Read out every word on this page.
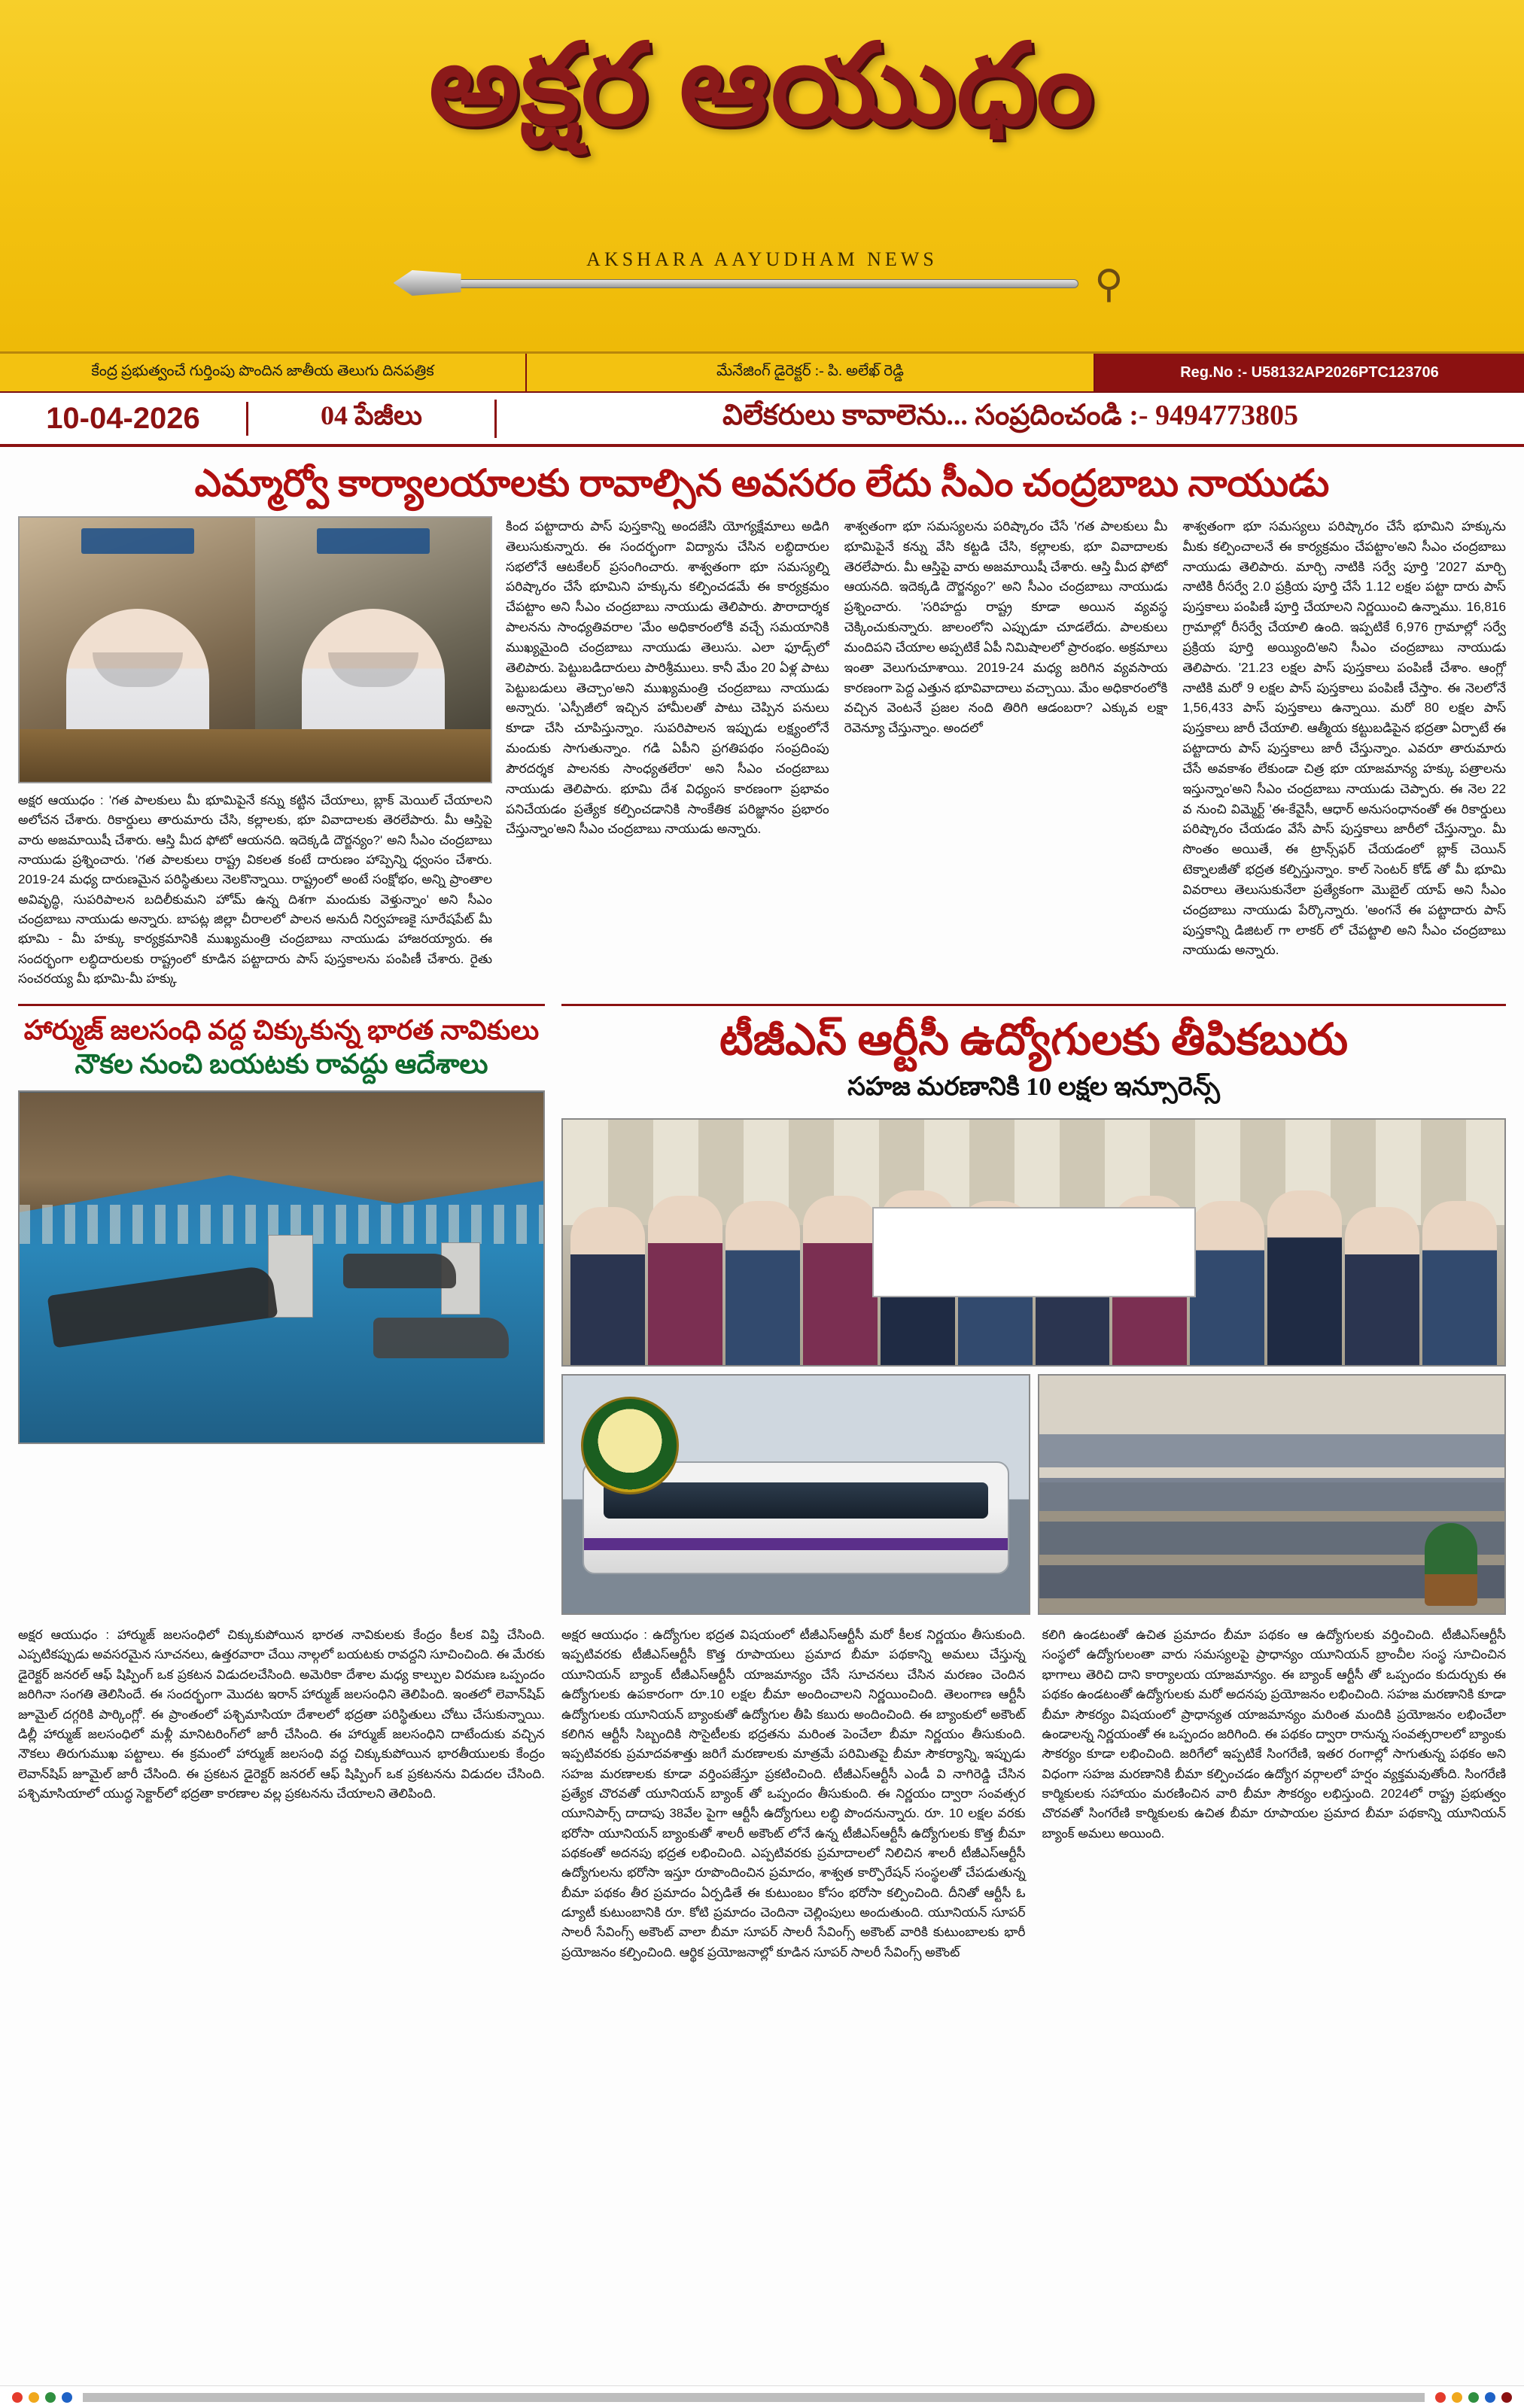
అక్షర ఆయుధం
⚲
AKSHARA AAYUDHAM NEWS
కేంద్ర ప్రభుత్వంచే గుర్తింపు పొందిన జాతీయ తెలుగు దినపత్రిక	మేనేజింగ్ డైరెక్టర్ :- పి. అలేఖ్ రెడ్డి	Reg.No :- U58132AP2026PTC123706
10-04-2026	04 పేజీలు	విలేకరులు కావాలెను... సంప్రదించండి :- 9494773805
ఎమ్మార్వో కార్యాలయాలకు రావాల్సిన అవసరం లేదు సీఎం చంద్రబాబు నాయుడు
అక్షర ఆయుధం : 'గత పాలకులు మీ భూమిపైనే కన్ను కట్టిన చేయాలు, బ్లాక్ మెయిల్ చేయాలని అలోచన చేశారు. రికార్డులు తారుమారు చేసి, కల్లాలకు, భూ వివాదాలకు తెరలేపారు. మీ ఆస్తిపై వారు అజమాయిషీ చేశారు. ఆస్తి మీద ఫోటో ఆయనది. ఇదెక్కడి దౌర్జన్యం?' అని సీఎం చంద్రబాబు నాయుడు ప్రశ్నించారు. 'గత పాలకులు రాష్ట్ర వికలత కంటే దారుణం హాప్పెన్ని ధ్వంసం చేశారు. 2019-24 మధ్య దారుణమైన పరిస్థితులు నెలకొన్నాయి. రాష్ట్రంలో అంటే సంక్షోభం, అన్ని ప్రాంతాల అవివృద్ధి, సుపరిపాలన బదిలీకుమని హోమ్ ఉన్న దిశగా మందుకు వెళ్తున్నాం' అని సీఎం చంద్రబాబు నాయుడు అన్నారు. బాపట్ల జిల్లా చీరాలలో పాలన అనుదీ నిర్వహణకై సూరేషపేట్ మీ భూమి - మీ హక్కు కార్యక్రమానికి ముఖ్యమంత్రి చంద్రబాబు నాయుడు హాజరయ్యారు. ఈ సందర్భంగా లబ్ధిదారులకు రాష్ట్రంలో కూడిన పట్టాదారు పాస్ పుస్తకాలను పంపిణీ చేశారు. రైతు సంచరయ్య మీ భూమి-మీ హక్కు
కింద పట్టాదారు పాస్ పుస్తకాన్ని అందజేసి యోగ్యక్షేమాలు అడిగి తెలుసుకున్నారు. ఈ సందర్భంగా విద్యాను చేసిన లబ్ధిదారుల సభలోనే ఆటకేలర్ ప్రసంగించారు. శాశ్వతంగా భూ సమస్యల్ని పరిష్కారం చేసే భూమిని హక్కును కల్పించడమే ఈ కార్యక్రమం చేపట్టాం అని సీఎం చంద్రబాబు నాయుడు తెలిపారు. పౌరాదార్శక పాలనను సాంధ్యతివరాల 'మేం అధికారంలోకి వచ్చే సమయానికి ముఖ్యమైంది చంద్రబాబు నాయుడు తెలుసు. ఎలా ఫూడ్స్‌లో తెలిపారు. పెట్టుబడిదారులు పారిశ్రీములు. కానీ మేం 20 ఏళ్ల పాటు పెట్టుబడులు తెచ్చాం'అని ముఖ్యమంత్రి చంద్రబాబు నాయుడు అన్నారు. 'ఎస్పీజీలో ఇచ్చిన హామీలతో పాటు చెప్పిన పనులు కూడా చేసి చూపిస్తున్నాం. సుపరిపాలన ఇప్పుడు లక్ష్యంలోనే మందుకు సాగుతున్నాం. గడి ఏపీని ప్రగతిపథం సంప్రదింపు పౌరదర్శక పాలనకు సాంధ్యతలేరా' అని సీఎం చంద్రబాబు నాయుడు తెలిపారు. భూమి దేశ విధ్యంస కారణంగా ప్రభావం పనిచేయడం ప్రత్యేక కల్పించడానికి సాంకేతిక పరిజ్ఞానం ప్రభారం చేస్తున్నాం'అని సీఎం చంద్రబాబు నాయుడు అన్నారు.
శాశ్వతంగా భూ సమస్యలను పరిష్కారం చేసే 'గత పాలకులు మీ భూమిపైనే కన్ను వేసి కట్టడి చేసి, కల్లాలకు, భూ వివాదాలకు తెరలేపారు. మీ ఆస్తిపై వారు అజమాయిషీ చేశారు. ఆస్తి మీద ఫోటో ఆయనది. ఇదెక్కడి దౌర్జన్యం?' అని సీఎం చంద్రబాబు నాయుడు ప్రశ్నించారు. 'సరిహద్దు రాష్ట్ర కూడా అయిన వ్యవస్థ చెక్కించుకున్నారు. జాలంలోని ఎప్పుడూ చూడలేదు. పాలకులు మందిపని చేయాల అప్పటికే ఏపీ నిమిషాలలో ప్రారంభం. అక్రమాలు ఇంతా వెలుగుచూశాయి. 2019-24 మధ్య జరిగిన వ్యవసాయ కారణంగా పెద్ద ఎత్తున భూవివాదాలు వచ్చాయి. మేం అధికారంలోకి వచ్చిన వెంటనే ప్రజల నంది తిరిగి ఆడంబరా? ఎక్కువ లక్షా రెవెన్యూ చేస్తున్నాం. అందలో
శాశ్వతంగా భూ సమస్యలు పరిష్కారం చేసే భూమిని హక్కును మీకు కల్పించాలనే ఈ కార్యక్రమం చేపట్టాం'అని సీఎం చంద్రబాబు నాయుడు తెలిపారు. మార్చి నాటికి సర్వే పూర్తి '2027 మార్చి నాటికి రీసర్వే 2.0 ప్రక్రియ పూర్తి చేసే 1.12 లక్షల పట్టా దారు పాస్ పుస్తకాలు పంపిణీ పూర్తి చేయాలని నిర్ణయించి ఉన్నాము. 16,816 గ్రామాల్లో రీసర్వే చేయాలి ఉంది. ఇప్పటికే 6,976 గ్రామాల్లో సర్వే ప్రక్రియ పూర్తి అయ్యింది'అని సీఎం చంద్రబాబు నాయుడు తెలిపారు. '21.23 లక్షల పాస్ పుస్తకాలు పంపిణీ చేశాం. ఆంగ్లో నాటికి మరో 9 లక్షల పాస్ పుస్తకాలు పంపిణీ చేస్తాం. ఈ నెలలోనే 1,56,433 పాస్ పుస్తకాలు ఉన్నాయి. మరో 80 లక్షల పాస్ పుస్తకాలు జారీ చేయాలి. ఆత్మీయ కట్టుబడిపైన భద్రతా ఏర్పాటే ఈ పట్టాదారు పాస్ పుస్తకాలు జారీ చేస్తున్నాం. ఎవరూ తారుమారు చేసే అవకాశం లేకుండా చిత్ర భూ యాజమాన్య హక్కు పత్రాలను ఇస్తున్నాం'అని సీఎం చంద్రబాబు నాయుడు చెప్పారు. ఈ నెల 22 వ నుంచి విమ్మెర్ట్‌ 'ఈ-కేవైసీ, ఆధార్ అనుసంధానంతో ఈ రికార్డులు పరిష్కారం చేయడం వేసే పాస్ పుస్తకాలు జారీలో చేస్తున్నాం. మీ సొంతం అయితే, ఈ ట్రాన్స్‌ఫర్ చేయడంలో బ్లాక్ చెయిన్ టెక్నాలజీతో భద్రత కల్పిస్తున్నాం. కాల్ సెంటర్ కోడ్ తో మీ భూమి వివరాలు తెలుసుకునేలా ప్రత్యేకంగా మొబైల్ యాప్ అని సీఎం చంద్రబాబు నాయుడు పేర్కొన్నారు. 'అంగనే ఈ పట్టాదారు పాస్ పుస్తకాన్ని డిజిటల్ గా లాకర్ లో చేపట్టాలి అని సీఎం చంద్రబాబు నాయుడు అన్నారు.
హార్ముజ్ జలసంధి వద్ద చిక్కుకున్న భారత నావికులు
నౌకల నుంచి బయటకు రావద్దు ఆదేశాలు	టీజీఎస్ ఆర్టీసీ ఉద్యోగులకు తీపికబురు
సహజ మరణానికి 10 లక్షల ఇన్సూరెన్స్
అక్షర ఆయుధం : హార్ముజ్ జలసంధిలో చిక్కుకుపోయిన భారత నావికులకు కేంద్రం కీలక విప్తి చేసింది. ఎప్పటికప్పుడు అవసరమైన సూచనలు, ఉత్తరవారా చేయి నాల్గలో బయటకు రావద్దని సూచించింది. ఈ మేరకు డైరెక్టర్ జనరల్ ఆఫ్ షిప్పింగ్ ఒక ప్రకటన విడుదలచేసింది. అమెరికా దేశాల మధ్య కాల్పుల విరమణ ఒప్పందం జరిగినా సంగతి తెలిసిందే. ఈ సందర్భంగా మొదట ఇరాన్ హార్ముజ్ జలసంధిని తెలిపింది. ఇంతలో లెవాన్‌షిప్ జూమైల్ దగ్గరికి పార్కింగ్లో. ఈ ప్రాంతంలో పశ్చిమాసియా దేశాలలో భద్రతా పరిస్థితులు చోటు చేసుకున్నాయి. డిల్లీ హార్ముజ్ జలసంధిలో మళ్లీ మానిటరింగ్‌లో జారీ చేసింది. ఈ హార్ముజ్ జలసంధిని దాటేందుకు వచ్చిన నౌకలు తిరుగుముఖ పట్టాలు. ఈ క్రమంలో హార్ముజ్ జలసంధి వద్ద చిక్కుకుపోయిన భారతీయులకు కేంద్రం లెవాన్‌షిప్ జూమైల్ జారీ చేసింది. ఈ ప్రకటన డైరెక్టర్ జనరల్ ఆఫ్ షిప్పింగ్ ఒక ప్రకటనను విడుదల చేసింది. పశ్చిమాసియాలో యుద్ధ సెక్టార్‌లో భద్రతా కారణాల వల్ల ప్రకటనను చేయాలని తెలిపింది.
అక్షర ఆయుధం : ఉద్యోగుల భద్రత విషయంలో టీజీఎస్ఆర్టీసీ మరో కీలక నిర్ణయం తీసుకుంది. ఇప్పటివరకు టీజీఎస్ఆర్టీసీ కొత్త రూపాయలు ప్రమాద బీమా పథకాన్ని అమలు చేస్తున్న యూనియన్ బ్యాంక్ టీజీఎస్ఆర్టీసీ యాజమాన్యం చేసే సూచనలు చేసిన మరణం చెందిన ఉద్యోగులకు ఉపకారంగా రూ.10 లక్షల బీమా అందించాలని నిర్ణయించింది. తెలంగాణ ఆర్టీసీ ఉద్యోగులకు యూనియన్ బ్యాంకుతో ఉద్యోగుల తీపి కబురు అందించింది. ఈ బ్యాంకులో అకౌంట్ కలిగిన ఆర్టీసీ సిబ్బందికి సొసైటీలకు భద్రతను మరింత పెంచేలా బీమా నిర్ణయం తీసుకుంది. ఇప్పటివరకు ప్రమాదవశాత్తు జరిగే మరణాలకు మాత్రమే పరిమితపై బీమా సౌకర్యాన్ని, ఇప్పుడు సహజ మరణాలకు కూడా వర్తింపజేస్తూ ప్రకటించింది. టీజీఎస్ఆర్టీసీ ఎండీ వి నాగిరెడ్డి చేసిన ప్రత్యేక చొరవతో యూనియన్ బ్యాంక్ తో ఒప్పందం తీసుకుంది. ఈ నిర్ణయం ద్వారా సంవత్సర యూనిపార్స్ దాదాపు 38వేల పైగా ఆర్టీసీ ఉద్యోగులు లబ్ధి పొందనున్నారు. రూ. 10 లక్షల వరకు భరోసా యూనియన్ బ్యాంకుతో శాలరీ అకౌంట్ లోనే ఉన్న టీజీఎస్ఆర్టీసీ ఉద్యోగులకు కొత్త బీమా పథకంతో అదనపు భద్రత లభించింది. ఎప్పటివరకు ప్రమాదాలలో నిలిచిన శాలరీ టీజీఎస్ఆర్టీసీ ఉద్యోగులను భరోసా ఇస్తూ రూపొందించిన ప్రమాదం, శాశ్వత కార్పొరేషన్ సంస్థలతో చేపడుతున్న బీమా పథకం తీర ప్రమాదం ఏర్పడితే ఈ కుటుంబం కోసం భరోసా కల్పించింది. దీనితో ఆర్టీసీ ఓ డ్యూటీ కుటుంబానికి రూ. కోటి ప్రమాదం చెందినా చెల్లింపులు అందుతుంది. యూనియన్ సూపర్ సాలరీ సేవింగ్స్ అకౌంట్ వాలా బీమా సూపర్ సాలరీ సేవింగ్స్ అకౌంట్ వారికి కుటుంబాలకు భారీ ప్రయోజనం కల్పించింది. ఆర్థిక ప్రయోజనాల్లో కూడిన సూపర్ సాలరీ సేవింగ్స్ అకౌంట్
కలిగి ఉండటంతో ఉచిత ప్రమాదం బీమా పథకం ఆ ఉద్యోగులకు వర్తించింది. టీజీఎస్ఆర్టీసీ సంస్థలో ఉద్యోగులంతా వారు సమస్యలపై ప్రాధాన్యం యూనియన్ బ్రాంచీల సంస్థ సూచించిన భాగాలు తెరిచి దాని కార్యాలయ యాజమాన్యం. ఈ బ్యాంక్ ఆర్టీసీ తో ఒప్పందం కుదుర్చుకు ఈ పథకం ఉండటంతో ఉద్యోగులకు మరో అదనపు ప్రయోజనం లభించింది. సహజ మరణానికి కూడా బీమా సౌకర్యం విషయంలో ప్రాధాన్యత యాజమాన్యం మరింత మందికి ప్రయోజనం లభించేలా ఉండాలన్న నిర్ణయంతో ఈ ఒప్పందం జరిగింది. ఈ పథకం ద్వారా రానున్న సంవత్సరాలలో బ్యాంకు సౌకర్యం కూడా లభించింది. జరిగేలో ఇప్పటికే సింగరేణి, ఇతర రంగాల్లో సాగుతున్న పథకం అని విధంగా సహజ మరణానికి బీమా కల్పించడం ఉద్యోగ వర్గాలలో హర్షం వ్యక్తమవుతోంది. సింగరేణి కార్మికులకు సహాయం మరణించిన వారి బీమా సౌకర్యం లభిస్తుంది. 2024లో రాష్ట్ర ప్రభుత్వం చొరవతో సింగరేణి కార్మికులకు ఉచిత బీమా రూపాయల ప్రమాద బీమా పథకాన్ని యూనియన్ బ్యాంక్ అమలు అయింది.
